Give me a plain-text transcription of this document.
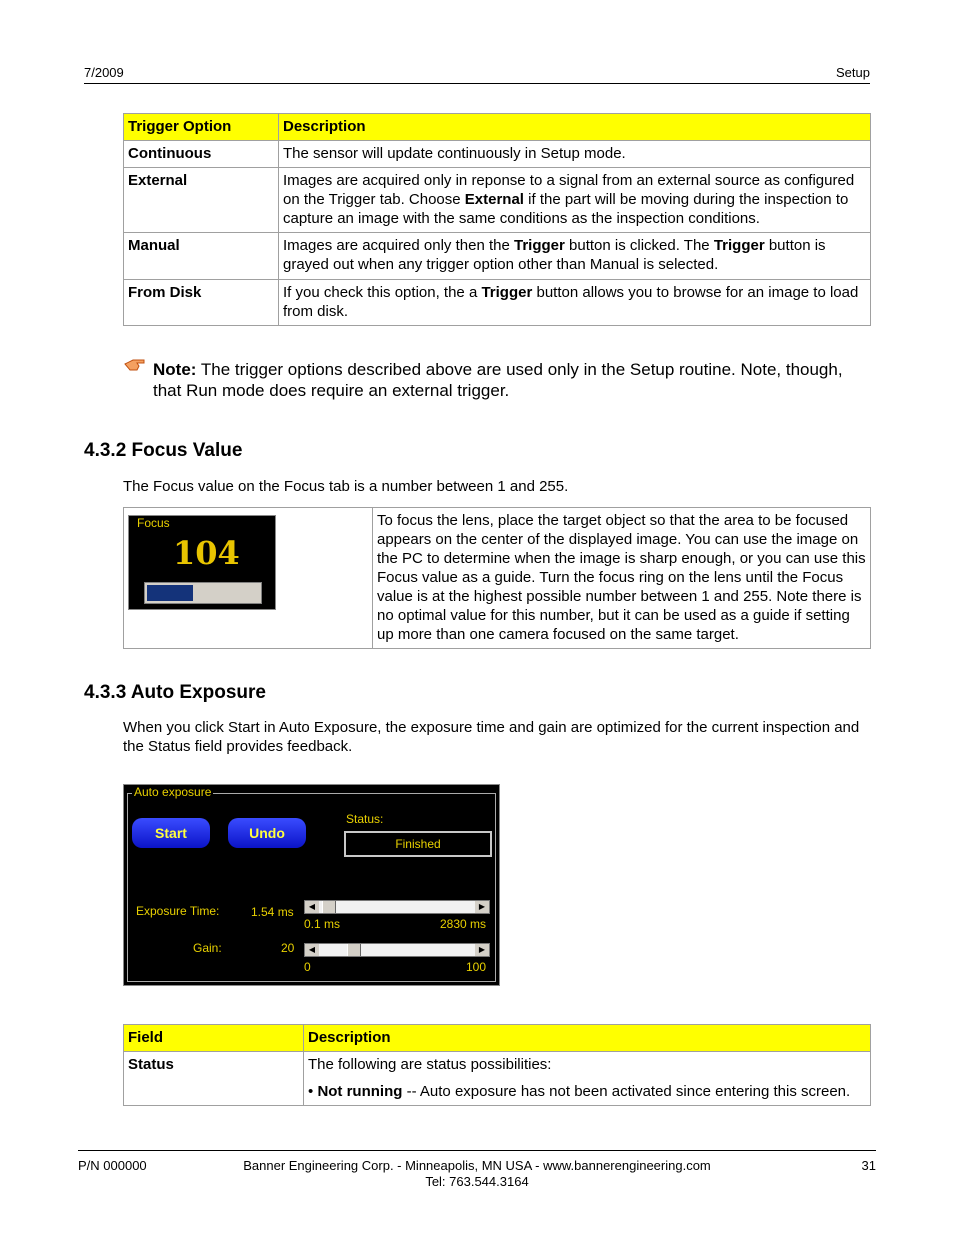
7/2009	Setup
Trigger Option	Description
Continuous	The sensor will update continuously in Setup mode.
External	Images are acquired only in reponse to a signal from an external source as configured on the Trigger tab. Choose External if the part will be moving during the inspection to capture an image with the same conditions as the inspection conditions.
Manual	Images are acquired only then the Trigger button is clicked. The Trigger button is grayed out when any trigger option other than Manual is selected.
From Disk	If you check this option, the a Trigger button allows you to browse for an image to load from disk.
Note: The trigger options described above are used only in the Setup routine. Note, though, that Run mode does require an external trigger.
4.3.2 Focus Value
The Focus value on the Focus tab is a number between 1 and 255.
	To focus the lens, place the target object so that the area to be focused appears on the center of the displayed image. You can use the image on the PC to determine when the image is sharp enough, or you can use this Focus value as a guide. Turn the focus ring on the lens until the Focus value is at the highest possible number between 1 and 255. Note there is no optimal value for this number, but it can be used as a guide if setting up more than one camera focused on the same target.
Focus
104
4.3.3 Auto Exposure
When you click Start in Auto Exposure, the exposure time and gain are optimized for the current inspection and the Status field provides feedback.
Auto exposure
Start	Undo
Status:
Finished
Exposure Time:	1.54 ms	◀	▶
0.1 ms	2830 ms
Gain:	20	◀	▶
0	100
Field	Description
Status	The following are status possibilities:
• Not running -- Auto exposure has not been activated since entering this screen.
P/N 000000	Banner Engineering Corp. - Minneapolis, MN USA - www.bannerengineering.com
Tel: 763.544.3164
31
